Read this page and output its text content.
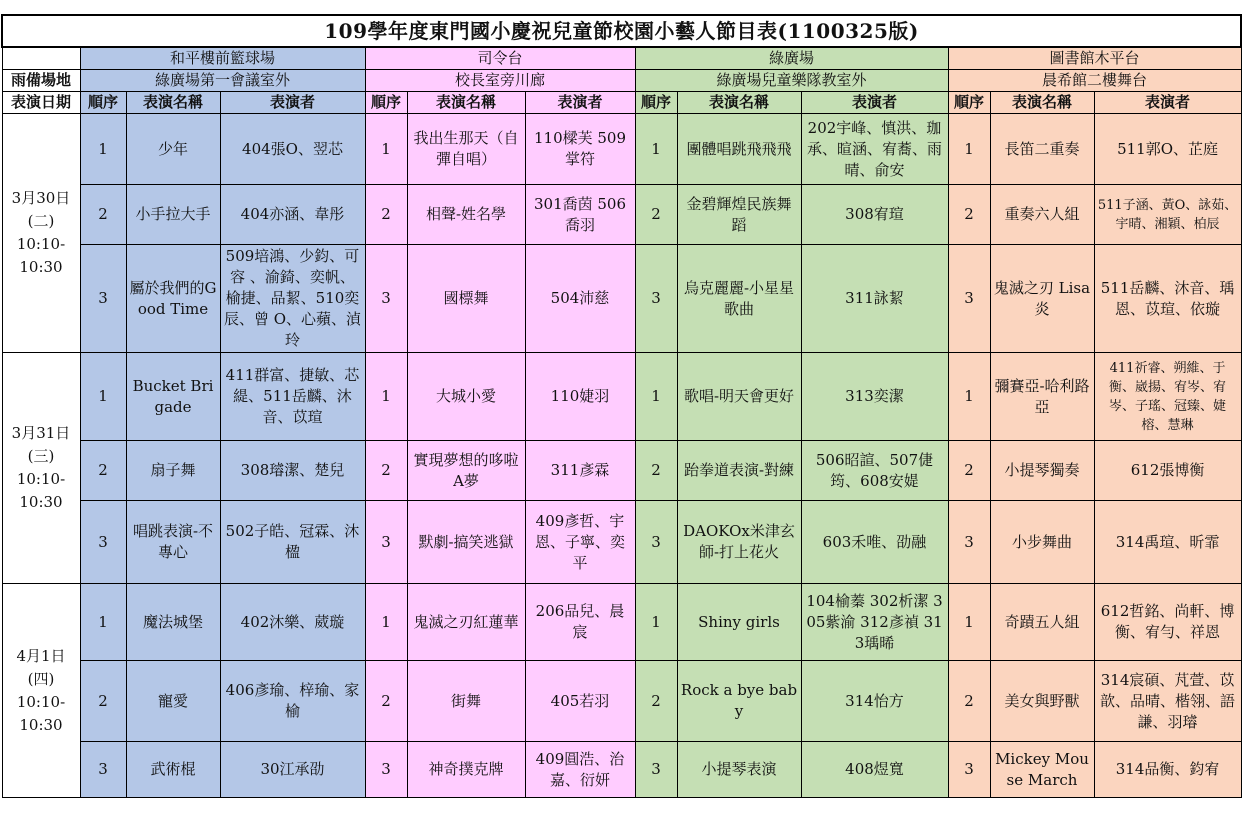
109學年度東門國小慶祝兒童節校園小藝人節目表(1100325版)												
	和平樓前籃球場			司令台			綠廣場			圖書館木平台		
雨備場地	綠廣場第一會議室外			校長室旁川廊			綠廣場兒童樂隊教室外			晨希館二樓舞台		
表演日期	順序	表演名稱	表演者	順序	表演名稱	表演者	順序	表演名稱	表演者	順序	表演名稱	表演者

3月30日
(二)
10:10-
10:30	1	少年	404張O、翌芯	1	我出生那天（自彈自唱）	110樑芙 509掌符	1	團體唱跳飛飛飛	202宇峰、慎洪、珈承、暄涵、宥蕎、雨晴、俞安	1	長笛二重奏	511郭O、芷庭
	2	小手拉大手	404亦涵、韋彤	2	相聲-姓名學	301喬茵 506喬羽	2	金碧輝煌民族舞蹈	308宥瑄	2	重奏六人組	511子涵、黃O、詠茹、宇晴、湘穎、柏辰
	3	屬於我們的Good Time	509培鴻、少鈞、可容 、渝錡、奕帆、榆捷、品絜、510奕辰、曾 O、心蘋、湞玲	3	國標舞	504沛慈	3	烏克麗麗-小星星歌曲	311詠絜	3	鬼滅之刃 Lisa炎	511岳麟、沐音、瑀恩、苡瑄、依璇

3月31日
(三)
10:10-
10:30	1	Bucket Brigade	411群富、捷敏、芯緹、511岳麟、沐音、苡瑄	1	大城小愛	110婕羽	1	歌唱-明天會更好	313奕潔	1	彌賽亞-哈利路亞	411祈睿、朔維、于衡、崴揚、宥岑、宥岑、子瑤、冠臻、婕榕、慧琳
	2	扇子舞	308璿潔、楚兒	2	實現夢想的哆啦A夢	311彥霖	2	跆拳道表演-對練	506昭諠、507倢筠、608安媞	2	小提琴獨奏	612張博衡
	3	唱跳表演-不專心	502子皓、冠霖、沐楹	3	默劇-搞笑逃獄	409彥哲、宇恩、子寧、奕平	3	DAOKOx米津玄師-打上花火	603禾唯、劭融	3	小步舞曲	314禹瑄、昕霏

4月1日
(四)
10:10-
10:30	1	魔法城堡	402沐樂、葳璇	1	鬼滅之刃紅蓮華	206品兒、晨宸	1	Shiny girls	104榆蓁 302析潔 305紫渝 312彥禎 313瑀晞	1	奇蹟五人組	612哲銘、尚軒、博衡、宥勻、祥恩
	2	寵愛	406彥瑜、梓瑜、家榆	2	街舞	405若羽	2	Rock a bye baby	314怡方	2	美女與野獸	314宸碩、芃萱、苡歆、品晴、楷翎、語謙、羽璿
	3	武術棍	30江承劭	3	神奇撲克牌	409圓浩、治嘉、衍妍	3	小提琴表演	408煜寬	3	Mickey Mouse March	314品衡、鈞宥
